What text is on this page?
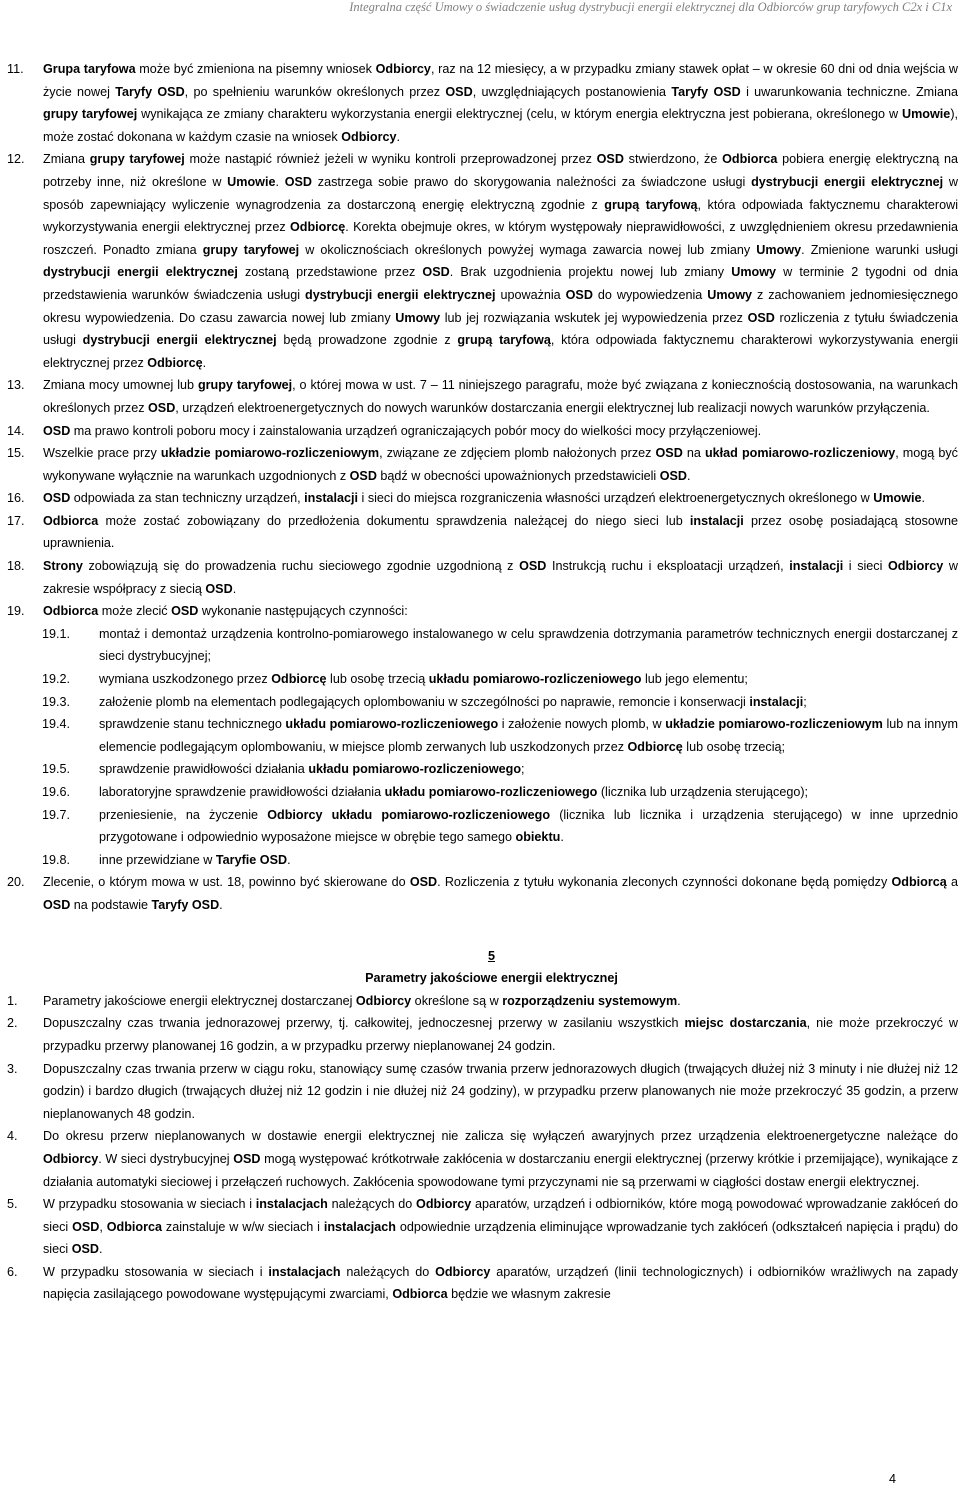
Integralna część Umowy o świadczenie usług dystrybucji energii elektrycznej dla Odbiorców grup taryfowych C2x i C1x

11. Grupa taryfowa może być zmieniona na pisemny wniosek Odbiorcy, raz na 12 miesięcy, a w przypadku zmiany stawek opłat – w okresie 60 dni od dnia wejścia w życie nowej Taryfy OSD, po spełnieniu warunków określonych przez OSD, uwzględniających postanowienia Taryfy OSD i uwarunkowania techniczne. Zmiana grupy taryfowej wynikająca ze zmiany charakteru wykorzystania energii elektrycznej (celu, w którym energia elektryczna jest pobierana, określonego w Umowie), może zostać dokonana w każdym czasie na wniosek Odbiorcy.

12. Zmiana grupy taryfowej może nastąpić również jeżeli w wyniku kontroli przeprowadzonej przez OSD stwierdzono, że Odbiorca pobiera energię elektryczną na potrzeby inne, niż określone w Umowie. OSD zastrzega sobie prawo do skorygowania należności za świadczone usługi dystrybucji energii elektrycznej w sposób zapewniający wyliczenie wynagrodzenia za dostarczoną energię elektryczną zgodnie z grupą taryfową, która odpowiada faktycznemu charakterowi wykorzystywania energii elektrycznej przez Odbiorcę. Korekta obejmuje okres, w którym występowały nieprawidłowości, z uwzględnieniem okresu przedawnienia roszczeń. Ponadto zmiana grupy taryfowej w okolicznościach określonych powyżej wymaga zawarcia nowej lub zmiany Umowy. Zmienione warunki usługi dystrybucji energii elektrycznej zostaną przedstawione przez OSD. Brak uzgodnienia projektu nowej lub zmiany Umowy w terminie 2 tygodni od dnia przedstawienia warunków świadczenia usługi dystrybucji energii elektrycznej upoważnia OSD do wypowiedzenia Umowy z zachowaniem jednomiesięcznego okresu wypowiedzenia. Do czasu zawarcia nowej lub zmiany Umowy lub jej rozwiązania wskutek jej wypowiedzenia przez OSD rozliczenia z tytułu świadczenia usługi dystrybucji energii elektrycznej będą prowadzone zgodnie z grupą taryfową, która odpowiada faktycznemu charakterowi wykorzystywania energii elektrycznej przez Odbiorcę.

13. Zmiana mocy umownej lub grupy taryfowej, o której mowa w ust. 7 – 11 niniejszego paragrafu, może być związana z koniecznością dostosowania, na warunkach określonych przez OSD, urządzeń elektroenergetycznych do nowych warunków dostarczania energii elektrycznej lub realizacji nowych warunków przyłączenia.

14. OSD ma prawo kontroli poboru mocy i zainstalowania urządzeń ograniczających pobór mocy do wielkości mocy przyłączeniowej.

15. Wszelkie prace przy układzie pomiarowo-rozliczeniowym, związane ze zdjęciem plomb nałożonych przez OSD na układ pomiarowo-rozliczeniowy, mogą być wykonywane wyłącznie na warunkach uzgodnionych z OSD bądź w obecności upoważnionych przedstawicieli OSD.

16. OSD odpowiada za stan techniczny urządzeń, instalacji i sieci do miejsca rozgraniczenia własności urządzeń elektroenergetycznych określonego w Umowie.

17. Odbiorca może zostać zobowiązany do przedłożenia dokumentu sprawdzenia należącej do niego sieci lub instalacji przez osobę posiadającą stosowne uprawnienia.

18. Strony zobowiązują się do prowadzenia ruchu sieciowego zgodnie uzgodnioną z OSD Instrukcją ruchu i eksploatacji urządzeń, instalacji i sieci Odbiorcy w zakresie współpracy z siecią OSD.

19. Odbiorca może zlecić OSD wykonanie następujących czynności:

19.1. montaż i demontaż urządzenia kontrolno-pomiarowego instalowanego w celu sprawdzenia dotrzymania parametrów technicznych energii dostarczanej z sieci dystrybucyjnej;

19.2. wymiana uszkodzonego przez Odbiorcę lub osobę trzecią układu pomiarowo-rozliczeniowego lub jego elementu;

19.3. założenie plomb na elementach podlegających oplombowaniu w szczególności po naprawie, remoncie i konserwacji instalacji;

19.4. sprawdzenie stanu technicznego układu pomiarowo-rozliczeniowego i założenie nowych plomb, w układzie pomiarowo-rozliczeniowym lub na innym elemencie podlegającym oplombowaniu, w miejsce plomb zerwanych lub uszkodzonych przez Odbiorcę lub osobę trzecią;

19.5. sprawdzenie prawidłowości działania układu pomiarowo-rozliczeniowego;

19.6. laboratoryjne sprawdzenie prawidłowości działania układu pomiarowo-rozliczeniowego (licznika lub urządzenia sterującego);

19.7. przeniesienie, na życzenie Odbiorcy układu pomiarowo-rozliczeniowego (licznika lub licznika i urządzenia sterującego) w inne uprzednio przygotowane i odpowiednio wyposażone miejsce w obrębie tego samego obiektu.

19.8. inne przewidziane w Taryfie OSD.

20. Zlecenie, o którym mowa w ust. 18, powinno być skierowane do OSD. Rozliczenia z tytułu wykonania zleconych czynności dokonane będą pomiędzy Odbiorcą a OSD na podstawie Taryfy OSD.

5
Parametry jakościowe energii elektrycznej

1. Parametry jakościowe energii elektrycznej dostarczanej Odbiorcy określone są w rozporządzeniu systemowym.

2. Dopuszczalny czas trwania jednorazowej przerwy, tj. całkowitej, jednoczesnej przerwy w zasilaniu wszystkich miejsc dostarczania, nie może przekroczyć w przypadku przerwy planowanej 16 godzin, a w przypadku przerwy nieplanowanej 24 godzin.

3. Dopuszczalny czas trwania przerw w ciągu roku, stanowiący sumę czasów trwania przerw jednorazowych długich (trwających dłużej niż 3 minuty i nie dłużej niż 12 godzin) i bardzo długich (trwających dłużej niż 12 godzin i nie dłużej niż 24 godziny), w przypadku przerw planowanych nie może przekroczyć 35 godzin, a przerw nieplanowanych 48 godzin.

4. Do okresu przerw nieplanowanych w dostawie energii elektrycznej nie zalicza się wyłączeń awaryjnych przez urządzenia elektroenergetyczne należące do Odbiorcy. W sieci dystrybucyjnej OSD mogą występować krótkotrwałe zakłócenia w dostarczaniu energii elektrycznej (przerwy krótkie i przemijające), wynikające z działania automatyki sieciowej i przełączeń ruchowych. Zakłócenia spowodowane tymi przyczynami nie są przerwami w ciągłości dostaw energii elektrycznej.

5. W przypadku stosowania w sieciach i instalacjach należących do Odbiorcy aparatów, urządzeń i odbiorników, które mogą powodować wprowadzanie zakłóceń do sieci OSD, Odbiorca zainstaluje w w/w sieciach i instalacjach odpowiednie urządzenia eliminujące wprowadzanie tych zakłóceń (odkształceń napięcia i prądu) do sieci OSD.

6. W przypadku stosowania w sieciach i instalacjach należących do Odbiorcy aparatów, urządzeń (linii technologicznych) i odbiorników wrażliwych na zapady napięcia zasilającego powodowane występującymi zwarciami, Odbiorca będzie we własnym zakresie

4
